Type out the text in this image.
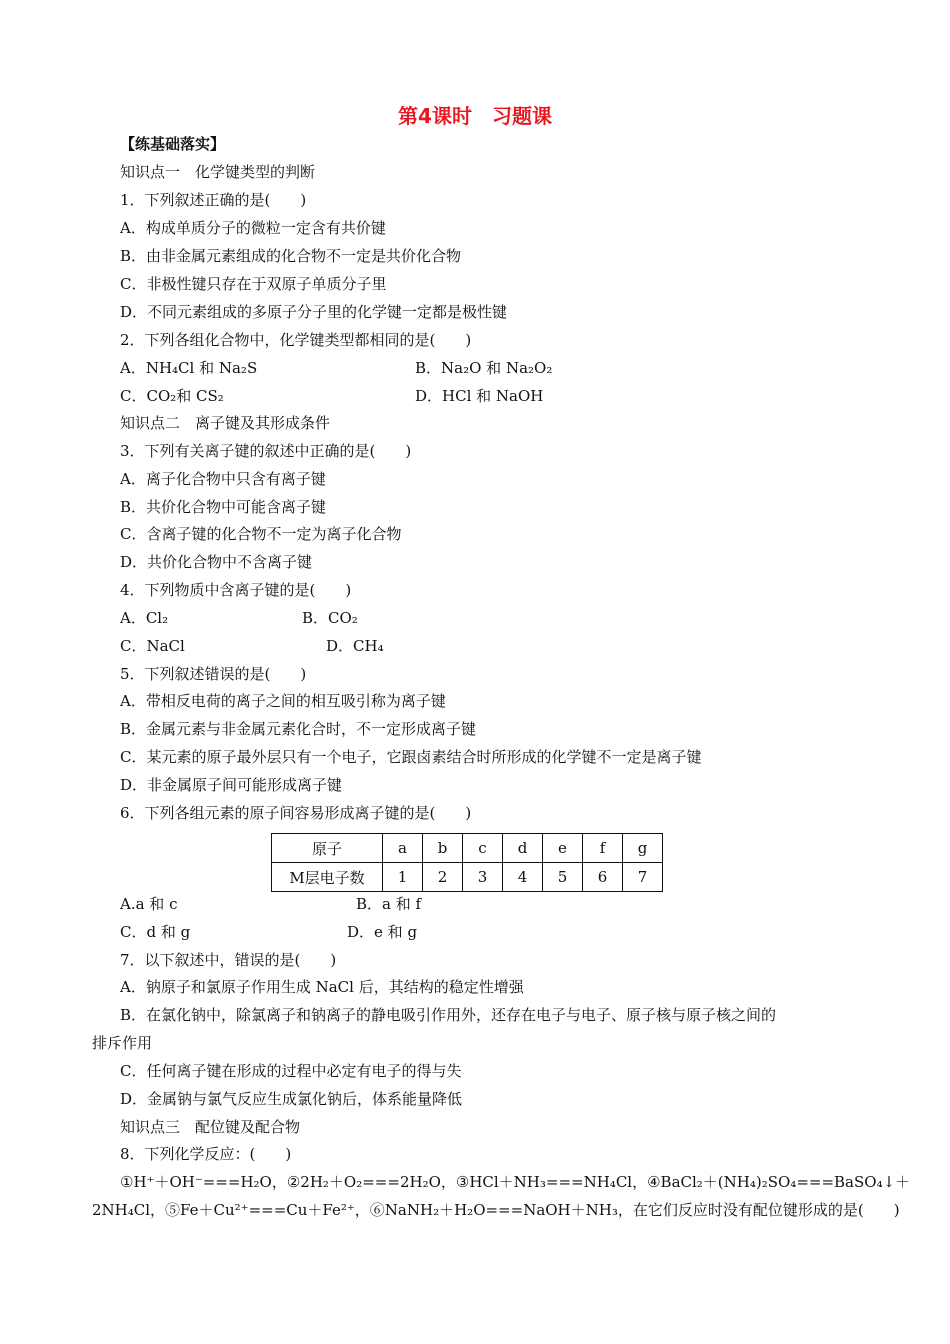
第4课时　习题课
【练基础落实】
知识点一　化学键类型的判断
1．下列叙述正确的是(　　)
A．构成单质分子的微粒一定含有共价键
B．由非金属元素组成的化合物不一定是共价化合物
C．非极性键只存在于双原子单质分子里
D．不同元素组成的多原子分子里的化学键一定都是极性键
2．下列各组化合物中，化学键类型都相同的是(　　)
A．NH₄Cl 和 Na₂S	B．Na₂O 和 Na₂O₂
C．CO₂和 CS₂	D．HCl 和 NaOH
知识点二　离子键及其形成条件
3．下列有关离子键的叙述中正确的是(　　)
A．离子化合物中只含有离子键
B．共价化合物中可能含离子键
C．含离子键的化合物不一定为离子化合物
D．共价化合物中不含离子键
4．下列物质中含离子键的是(　　)
A．Cl₂	B．CO₂
C．NaCl	D．CH₄
5．下列叙述错误的是(　　)
A．带相反电荷的离子之间的相互吸引称为离子键
B．金属元素与非金属元素化合时，不一定形成离子键
C．某元素的原子最外层只有一个电子，它跟卤素结合时所形成的化学键不一定是离子键
D．非金属原子间可能形成离子键
6．下列各组元素的原子间容易形成离子键的是(　　)
原子	a	b	c	d	e	f	g
M层电子数	1	2	3	4	5	6	7
A.a 和 c	B．a 和 f
C．d 和 g	D．e 和 g
7．以下叙述中，错误的是(　　)
A．钠原子和氯原子作用生成 NaCl 后，其结构的稳定性增强
B．在氯化钠中，除氯离子和钠离子的静电吸引作用外，还存在电子与电子、原子核与原子核之间的
排斥作用
C．任何离子键在形成的过程中必定有电子的得与失
D．金属钠与氯气反应生成氯化钠后，体系能量降低
知识点三　配位键及配合物
8．下列化学反应：(　　)
①H⁺＋OH⁻===H₂O，②2H₂＋O₂===2H₂O，③HCl＋NH₃===NH₄Cl，④BaCl₂＋(NH₄)₂SO₄===BaSO₄↓＋
2NH₄Cl，⑤Fe＋Cu²⁺===Cu＋Fe²⁺，⑥NaNH₂＋H₂O===NaOH＋NH₃，在它们反应时没有配位键形成的是(　　)
